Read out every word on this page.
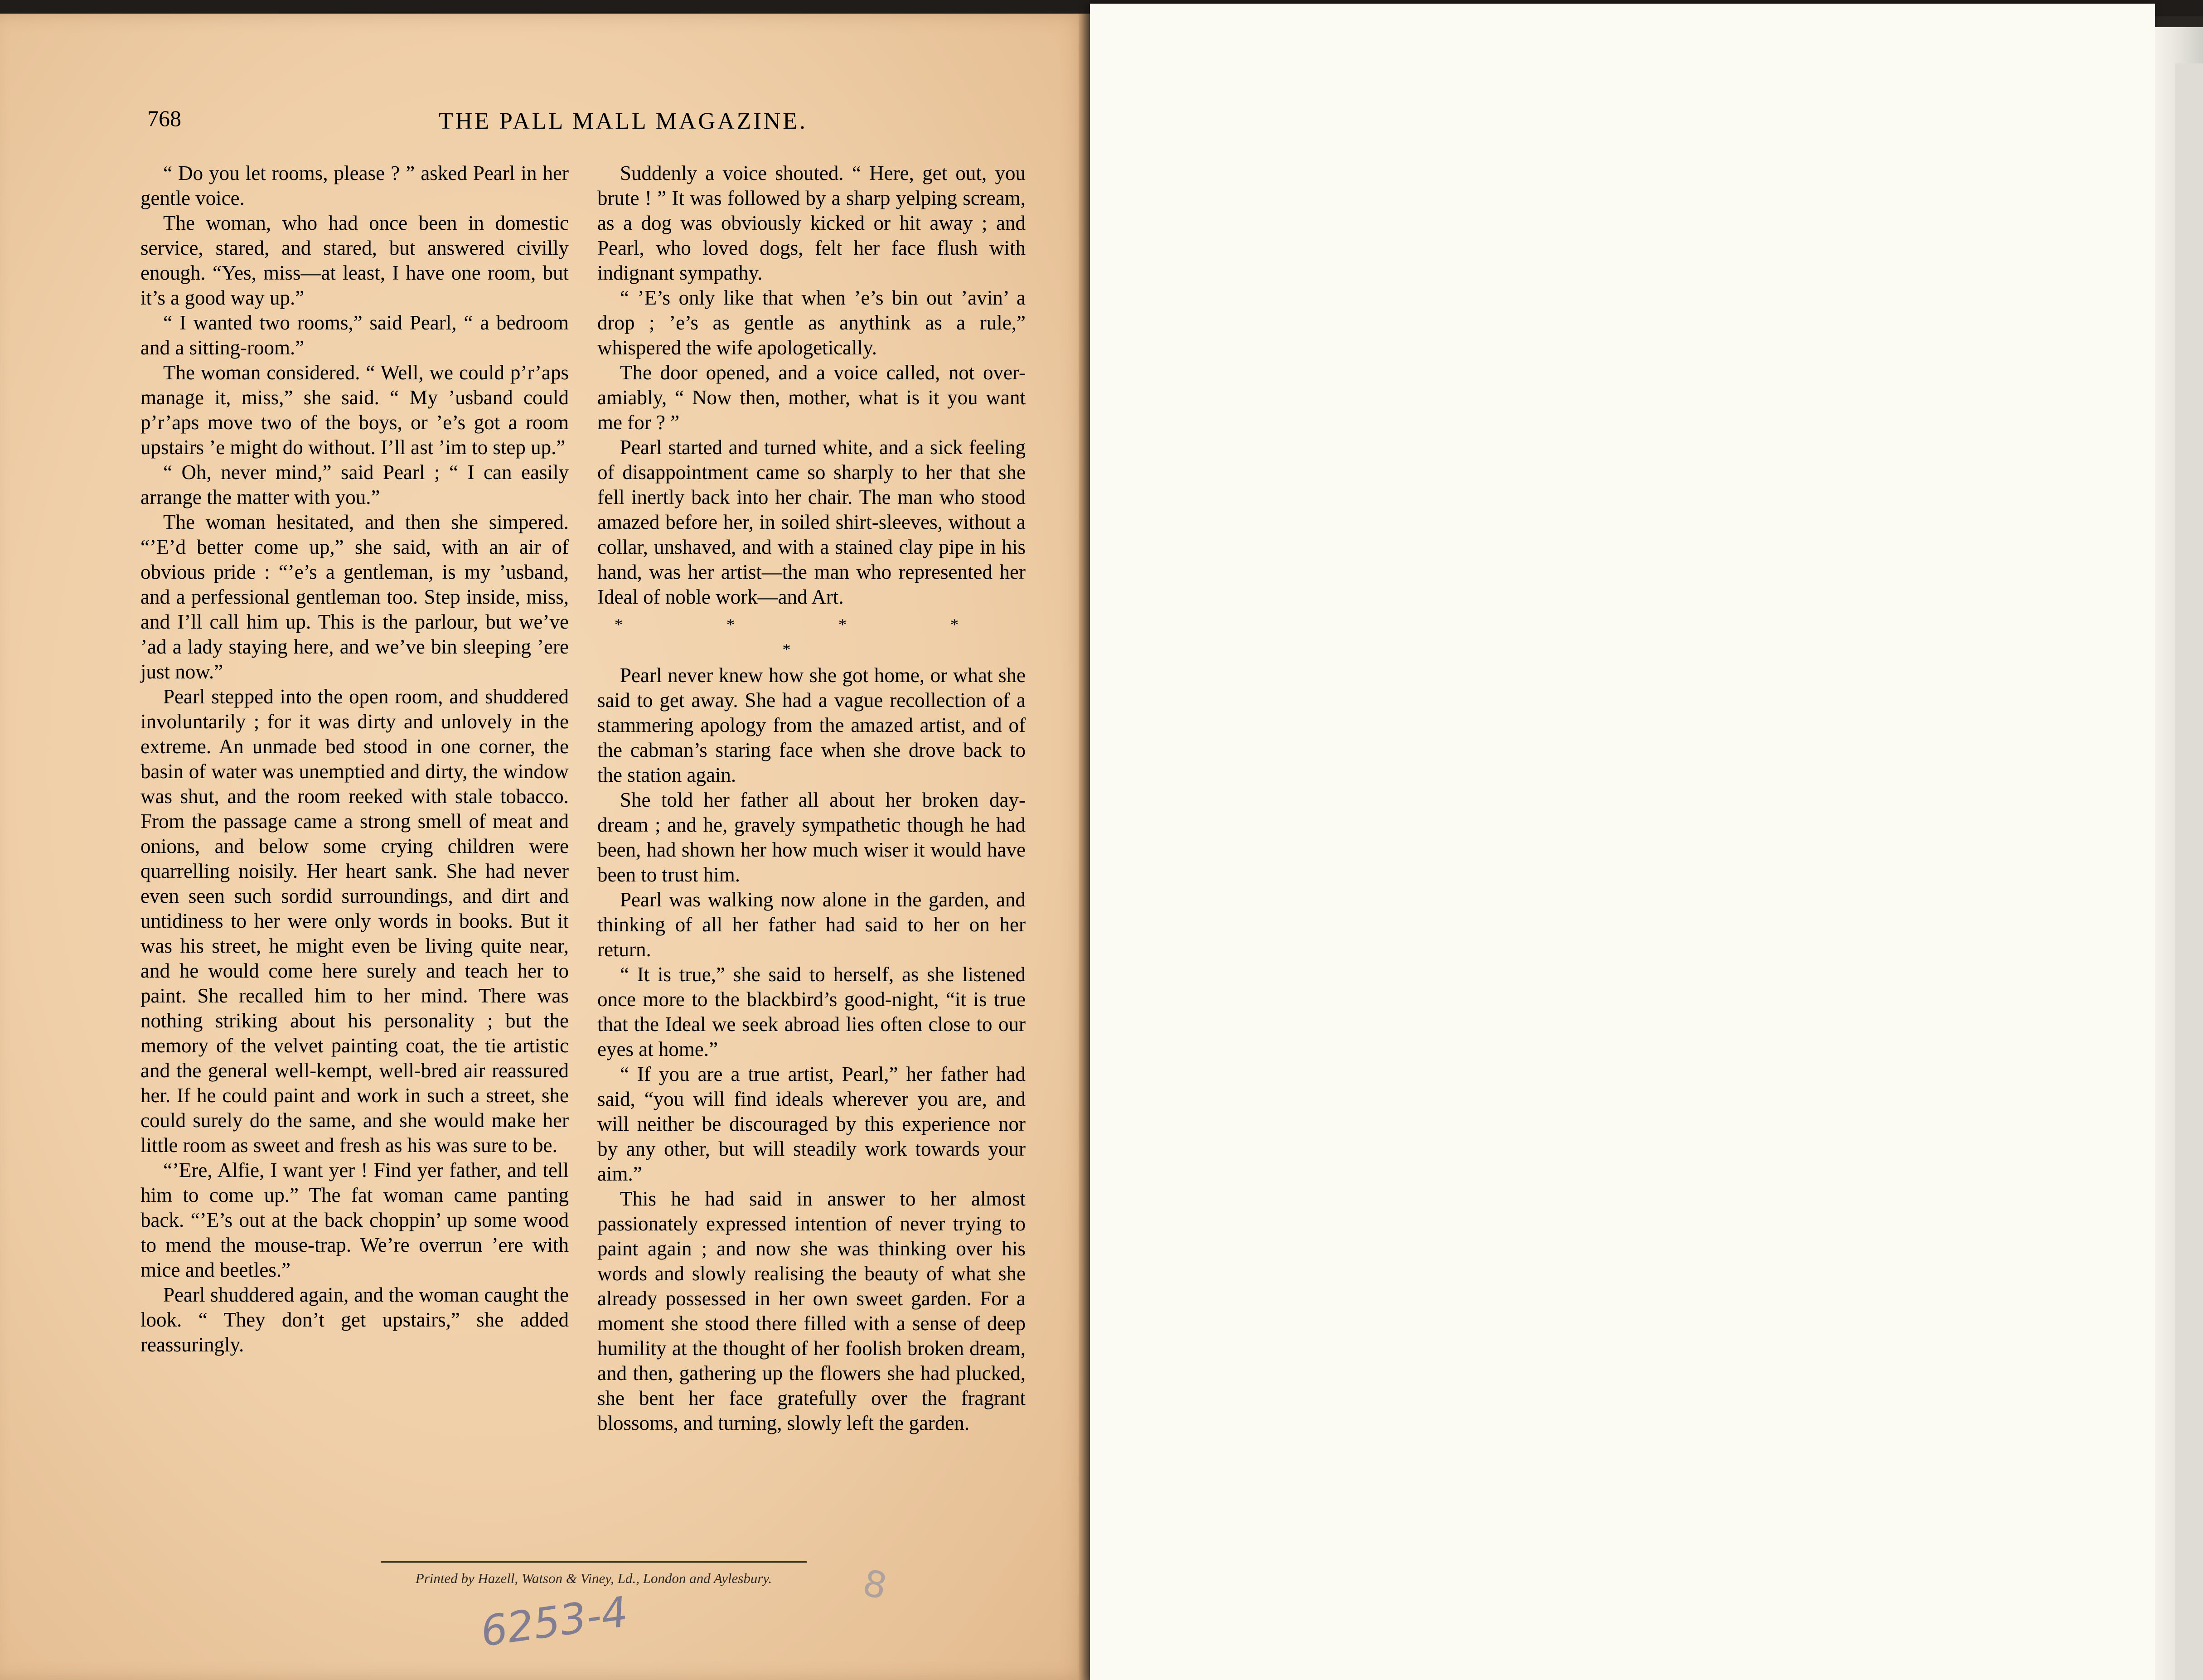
768	THE PALL MALL MAGAZINE.

“ Do you let rooms, please ? ” asked Pearl in her gentle voice.

The woman, who had once been in domestic service, stared, and stared, but answered civilly enough. “Yes, miss—at least, I have one room, but it’s a good way up.”

“ I wanted two rooms,” said Pearl, “ a bedroom and a sitting-room.”

The woman considered. “ Well, we could p’r’aps manage it, miss,” she said. “ My ’usband could p’r’aps move two of the boys, or ’e’s got a room upstairs ’e might do without. I’ll ast ’im to step up.”

“ Oh, never mind,” said Pearl ; “ I can easily arrange the matter with you.”

The woman hesitated, and then she simpered. “’E’d better come up,” she said, with an air of obvious pride : “’e’s a gentleman, is my ’usband, and a perfessional gentleman too. Step inside, miss, and I’ll call him up. This is the parlour, but we’ve ’ad a lady staying here, and we’ve bin sleeping ’ere just now.”

Pearl stepped into the open room, and shuddered involuntarily ; for it was dirty and unlovely in the extreme. An unmade bed stood in one corner, the basin of water was unemptied and dirty, the window was shut, and the room reeked with stale tobacco. From the passage came a strong smell of meat and onions, and below some crying children were quarrelling noisily. Her heart sank. She had never even seen such sordid surroundings, and dirt and untidiness to her were only words in books. But it was his street, he might even be living quite near, and he would come here surely and teach her to paint. She recalled him to her mind. There was nothing striking about his personality ; but the memory of the velvet painting coat, the tie artistic and the general well-kempt, well-bred air reassured her. If he could paint and work in such a street, she could surely do the same, and she would make her little room as sweet and fresh as his was sure to be.

“’Ere, Alfie, I want yer ! Find yer father, and tell him to come up.” The fat woman came panting back. “’E’s out at the back choppin’ up some wood to mend the mouse-trap. We’re overrun ’ere with mice and beetles.”

Pearl shuddered again, and the woman caught the look. “ They don’t get upstairs,” she added reassuringly.

Suddenly a voice shouted. “ Here, get out, you brute ! ” It was followed by a sharp yelping scream, as a dog was obviously kicked or hit away ; and Pearl, who loved dogs, felt her face flush with indignant sympathy.

“ ’E’s only like that when ’e’s bin out ’avin’ a drop ; ’e’s as gentle as anythink as a rule,” whispered the wife apologetically.

The door opened, and a voice called, not over-amiably, “ Now then, mother, what is it you want me for ? ”

Pearl started and turned white, and a sick feeling of disappointment came so sharply to her that she fell inertly back into her chair. The man who stood amazed before her, in soiled shirt-sleeves, without a collar, unshaved, and with a stained clay pipe in his hand, was her artist—the man who represented her Ideal of noble work—and Art.

* * * * *

Pearl never knew how she got home, or what she said to get away. She had a vague recollection of a stammering apology from the amazed artist, and of the cabman’s staring face when she drove back to the station again.

She told her father all about her broken day-dream ; and he, gravely sympathetic though he had been, had shown her how much wiser it would have been to trust him.

Pearl was walking now alone in the garden, and thinking of all her father had said to her on her return.

“ It is true,” she said to herself, as she listened once more to the blackbird’s good-night, “it is true that the Ideal we seek abroad lies often close to our eyes at home.”

“ If you are a true artist, Pearl,” her father had said, “you will find ideals wherever you are, and will neither be discouraged by this experience nor by any other, but will steadily work towards your aim.”

This he had said in answer to her almost passionately expressed intention of never trying to paint again ; and now she was thinking over his words and slowly realising the beauty of what she already possessed in her own sweet garden. For a moment she stood there filled with a sense of deep humility at the thought of her foolish broken dream, and then, gathering up the flowers she had plucked, she bent her face gratefully over the fragrant blossoms, and turning, slowly left the garden.

Printed by Hazell, Watson & Viney, Ld., London and Aylesbury.
6253-4
8
